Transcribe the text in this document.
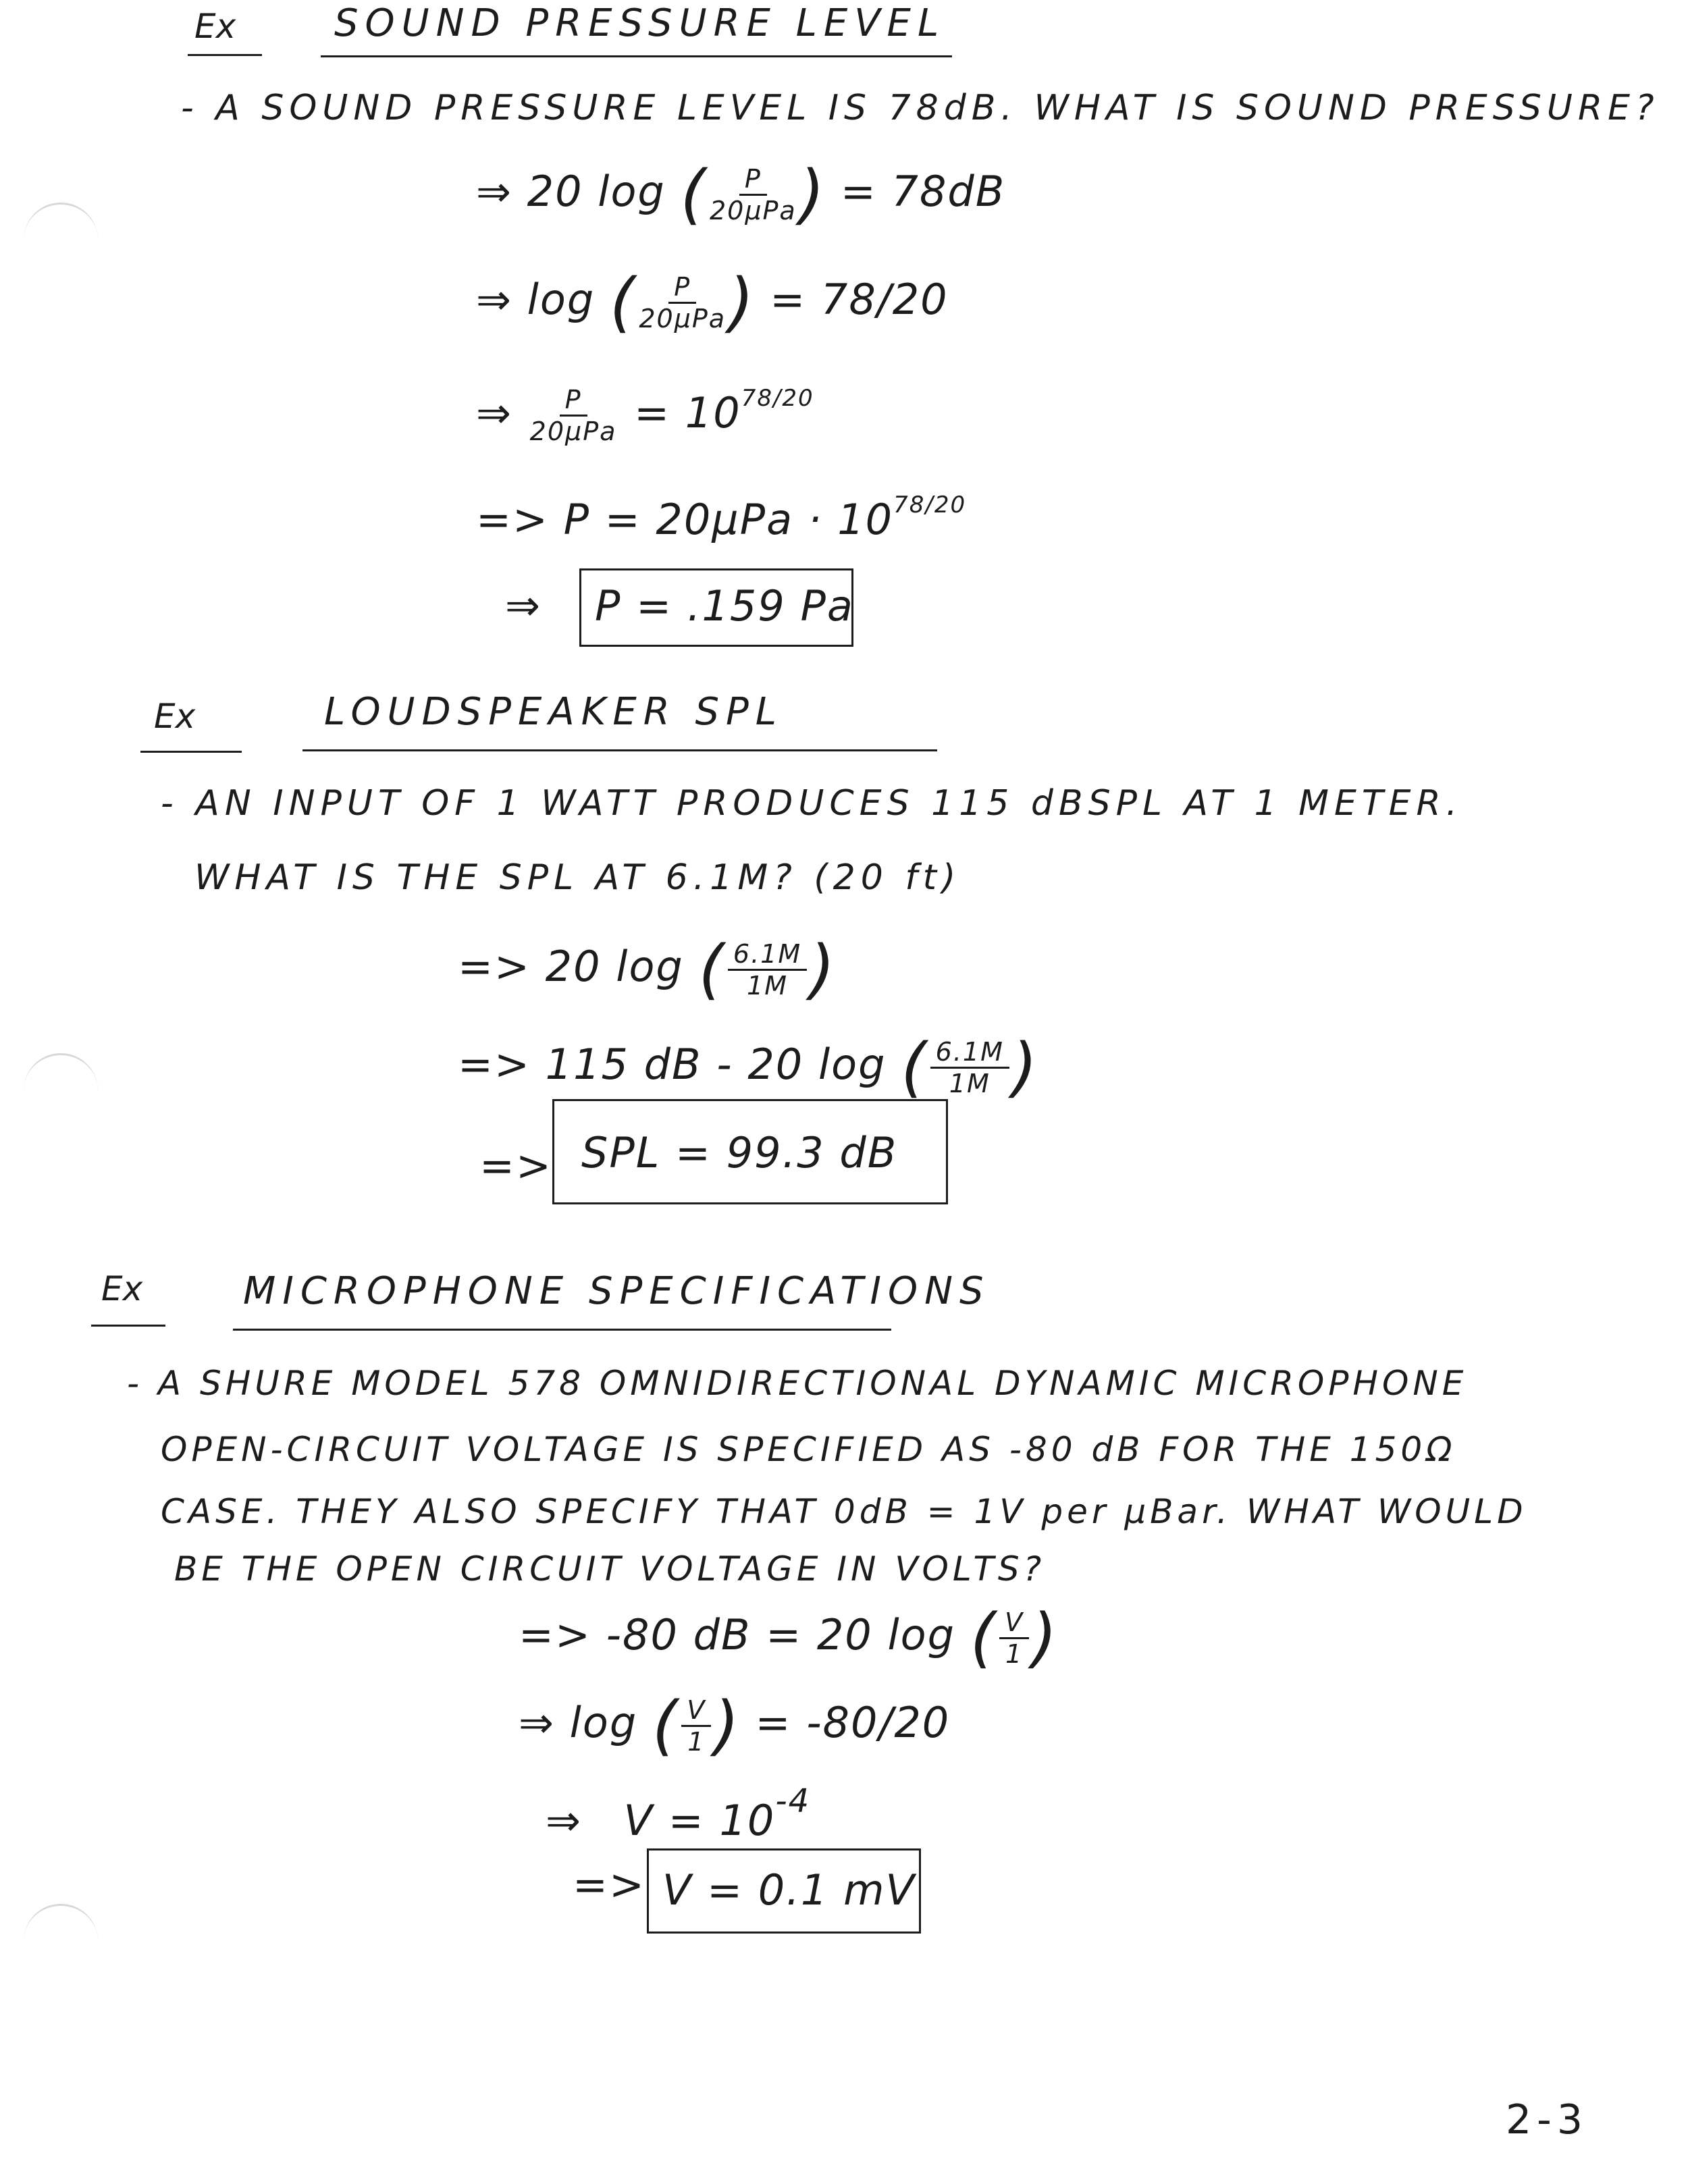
Ex	SOUND PRESSURE LEVEL
- A SOUND PRESSURE LEVEL IS 78dB. WHAT IS SOUND PRESSURE?
⇒ 20 log ( $\frac{P}{\text{20μPa}}$ ) = 78dB
⇒ log ( $\frac{P}{\text{20μPa}}$ ) = 78/20
⇒ $\frac{P}{\text{20μPa}} = 10^{78/20}$
=> $P = 20\mu Pa \cdot 10^{78/20}$
⇒ P = .159 Pa
Ex	LOUDSPEAKER SPL
- AN INPUT OF 1 WATT PRODUCES 115 dBSPL AT 1 METER.
WHAT IS THE SPL AT 6.1M? (20 ft)
=> 20 log ( $\frac{6.1M}{1M}$ )
=> 115 dB - 20 log ( $\frac{6.1M}{1M}$ )
=> SPL = 99.3 dB
Ex	MICROPHONE SPECIFICATIONS
- A SHURE MODEL 578 OMNIDIRECTIONAL DYNAMIC MICROPHONE
OPEN-CIRCUIT VOLTAGE IS SPECIFIED AS -80 dB FOR THE 150Ω
CASE. THEY ALSO SPECIFY THAT 0dB = 1V per μBar. WHAT WOULD
BE THE OPEN CIRCUIT VOLTAGE IN VOLTS?
=> -80 dB = 20 log ( $\frac{V}{1}$ )
⇒ log ( $\frac{V}{1}$ ) = -80/20
⇒ $V = 10^{-4}$
=> V = 0.1 mV
2-3
